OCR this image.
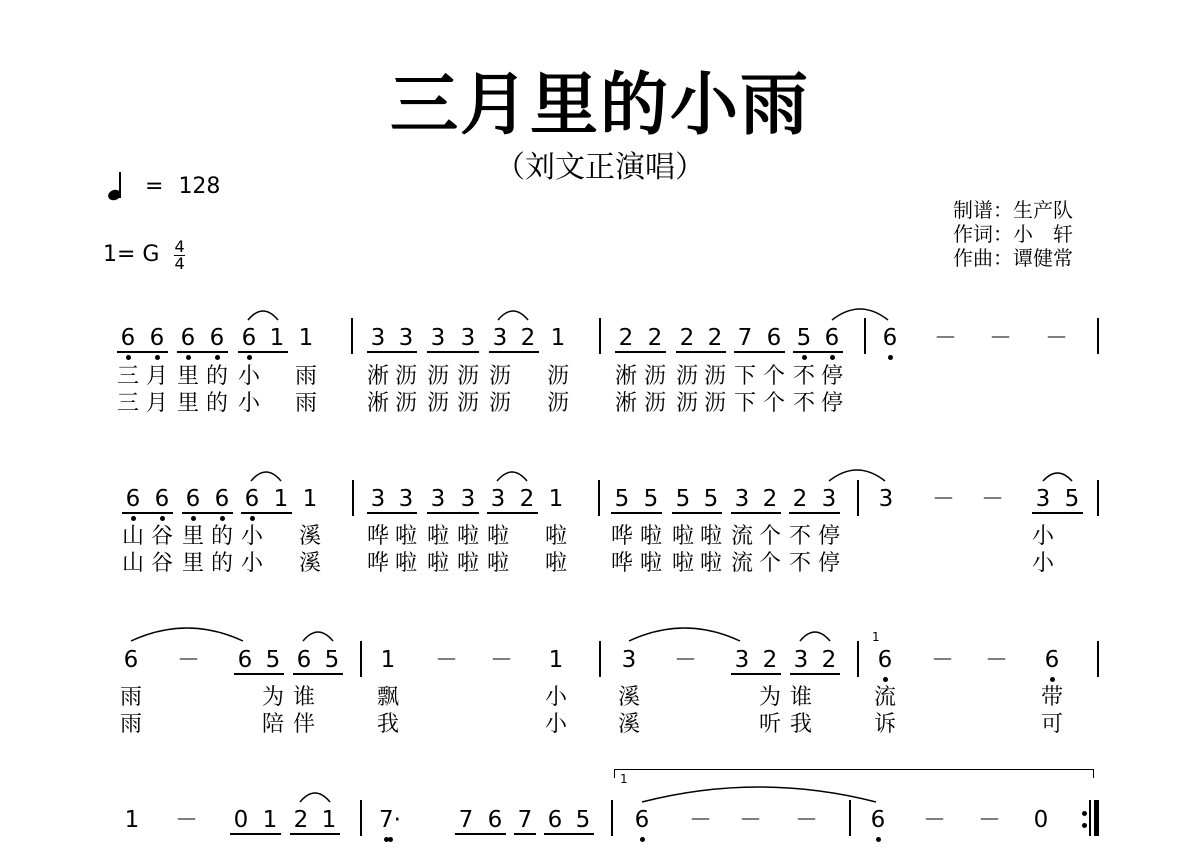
三月里的小雨
（刘文正演唱）
= 128
1= G $\frac{4}{4}$
制谱：生产队
作词：小　轩
作曲：谭健常
6 6 6 6 6 1 1 3 3 3 3 3 2 1 2 2 2 2 7 6 5 6 6 － － －
三 月 里 的 小 雨 淅 沥 沥 沥 沥 沥 淅 沥 沥 沥 下 个 不 停
三 月 里 的 小 雨 淅 沥 沥 沥 沥 沥 淅 沥 沥 沥 下 个 不 停
6 6 6 6 6 1 1 3 3 3 3 3 2 1 5 5 5 5 3 2 2 3 3	3 5
－ －
山 谷 里 的 小 溪 哗 啦 啦 啦 啦 啦 哗 啦 啦 啦 流 个 不 停	小
山 谷 里 的 小 溪 哗 啦 啦 啦 啦 啦 哗 啦 啦 啦 流 个 不 停	小
6	6 5 6 5 1	1	3	3 2 3 2 6	6
－	－ －	－	－ －
1
雨	为 谁	飘	小 溪	为 谁	流	带
雨	陪 伴	我	小 溪	听 我	诉	可
1	0 1 2 1 7·	7 6 7 6 5 6	6	0
－	－ － －	－ －
1
